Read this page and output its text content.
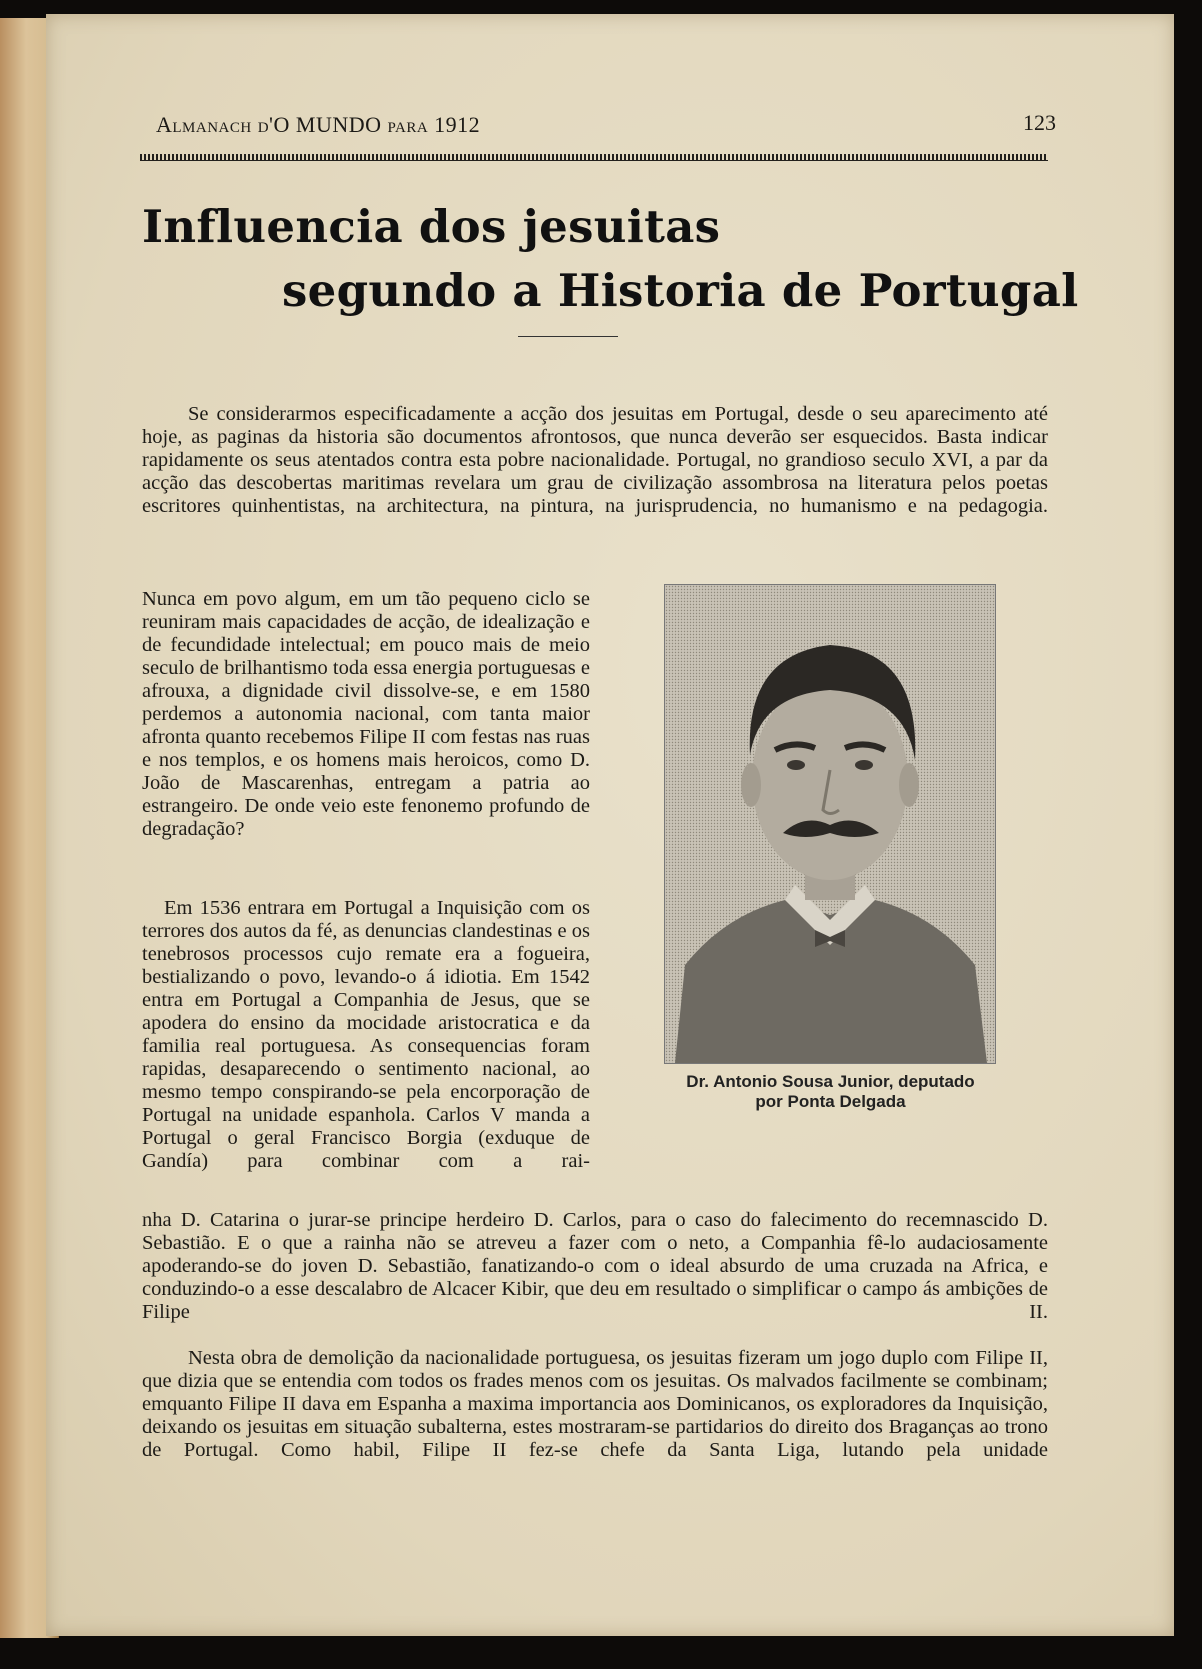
Almanach d'O MUNDO para 1912	123
Influencia dos jesuitas
segundo a Historia de Portugal

Se considerarmos especificadamente a acção dos jesuitas em Portugal, desde o seu aparecimento até hoje, as paginas da historia são documentos afrontosos, que nunca deverão ser esquecidos. Basta indicar rapidamente os seus atentados contra esta pobre nacionalidade. Portugal, no grandioso seculo XVI, a par da acção das descobertas maritimas revelara um grau de civilização assombrosa na literatura pelos poetas escritores quinhentistas, na architectura, na pintura, na jurisprudencia, no humanismo e na pedagogia.

Nunca em povo algum, em um tão pequeno ciclo se reuniram mais capacidades de acção, de idealização e de fecundidade intelectual; em pouco mais de meio seculo de brilhantismo toda essa energia portuguesas e afrouxa, a dignidade civil dissolve-se, e em 1580 perdemos a autonomia nacional, com tanta maior afronta quanto recebemos Filipe II com festas nas ruas e nos templos, e os homens mais heroicos, como D. João de Mascarenhas, entregam a patria ao estrangeiro. De onde veio este fenonemo profundo de degradação?

Em 1536 entrara em Portugal a Inquisição com os terrores dos autos da fé, as denuncias clandestinas e os tenebrosos processos cujo remate era a fogueira, bestializando o povo, levando-o á idiotia. Em 1542 entra em Portugal a Companhia de Jesus, que se apodera do ensino da mocidade aristocratica e da familia real portuguesa. As consequencias foram rapidas, desaparecendo o sentimento nacional, ao mesmo tempo conspirando-se pela encorporação de Portugal na unidade espanhola. Carlos V manda a Portugal o geral Francisco Borgia (exduque de Gandía) para combinar com a rai-

nha D. Catarina o jurar-se principe herdeiro D. Carlos, para o caso do falecimento do recemnascido D. Sebastião. E o que a rainha não se atreveu a fazer com o neto, a Companhia fê-lo audaciosamente apoderando-se do joven D. Sebastião, fanatizando-o com o ideal absurdo de uma cruzada na Africa, e conduzindo-o a esse descalabro de Alcacer Kibir, que deu em resultado o simplificar o campo ás ambições de Filipe II.

Nesta obra de demolição da nacionalidade portuguesa, os jesuitas fizeram um jogo duplo com Filipe II, que dizia que se entendia com todos os frades menos com os jesuitas. Os malvados facilmente se combinam; emquanto Filipe II dava em Espanha a maxima importancia aos Dominicanos, os exploradores da Inquisição, deixando os jesuitas em situação subalterna, estes mostraram-se partidarios do direito dos Braganças ao trono de Portugal. Como habil, Filipe II fez-se chefe da Santa Liga, lutando pela unidade

Dr. Antonio Sousa Junior, deputado
por Ponta Delgada
